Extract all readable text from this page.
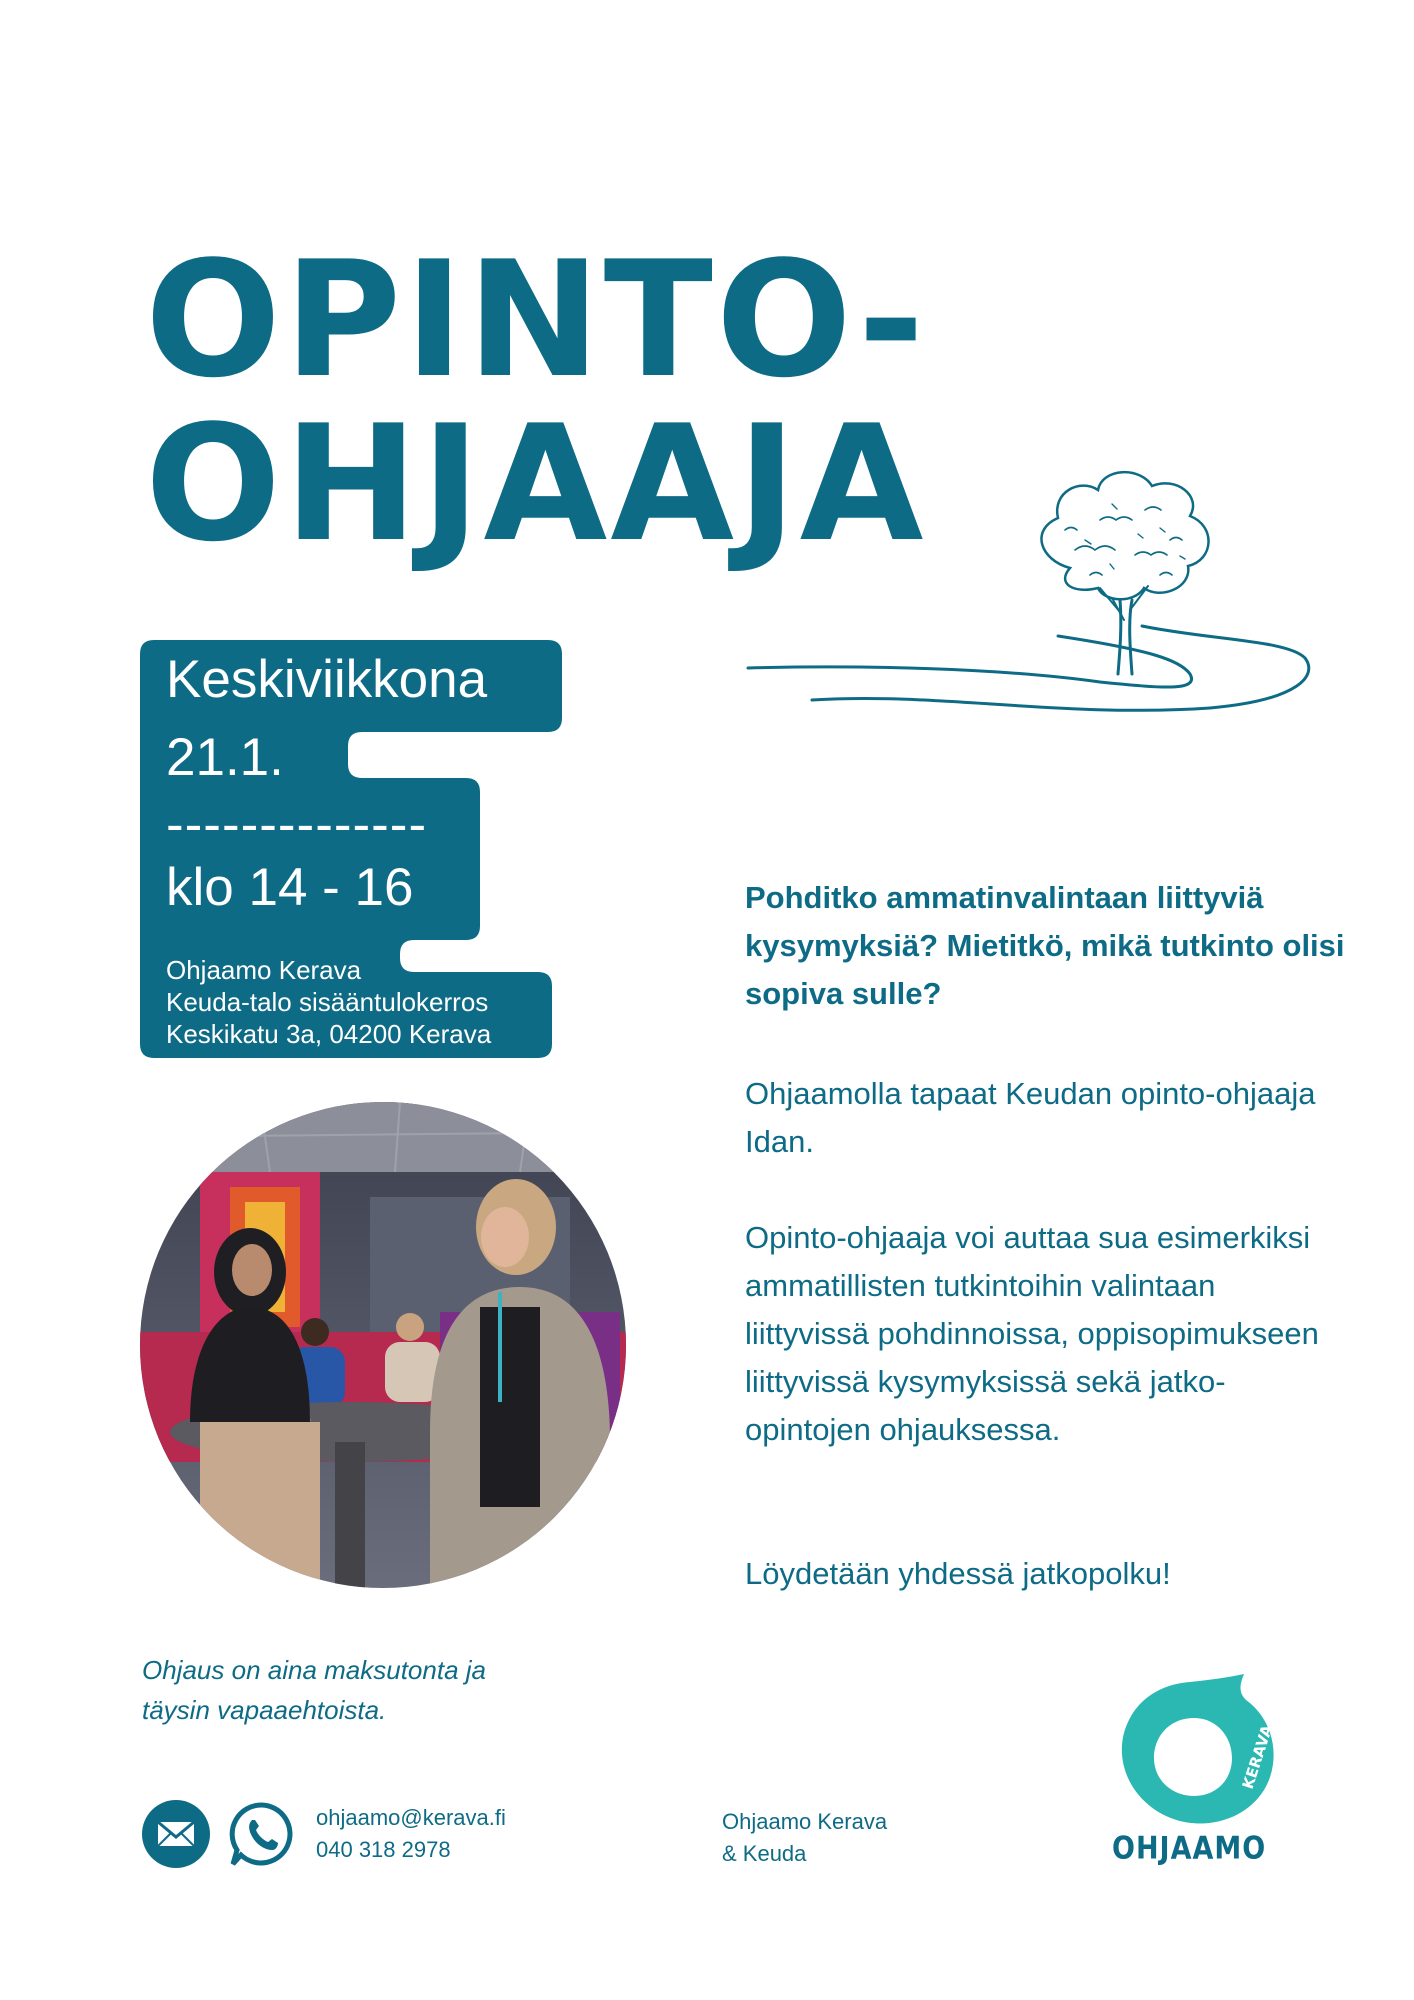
OPINTO-
OHJAAJA
Keskiviikkona
21.1.
--------------
klo 14 - 16
Ohjaamo Kerava
Keuda-talo sisääntulokerros
Keskikatu 3a, 04200 Kerava

Pohditko ammatinvalintaan liittyviä kysymyksiä? Mietitkö, mikä tutkinto olisi sopiva sulle?

Ohjaamolla tapaat Keudan opinto-ohjaaja Idan.

Opinto-ohjaaja voi auttaa sua esimerkiksi ammatillisten tutkintoihin valintaan liittyvissä pohdinnoissa, oppisopimukseen liittyvissä kysymyksissä sekä jatko-opintojen ohjauksessa.

Löydetään yhdessä jatkopolku!

Ohjaus on aina maksutonta ja
täysin vapaaehtoista.

ohjaamo@kerava.fi
040 318 2978
Ohjaamo Kerava
& Keuda
KERAVA

OHJAAMO
